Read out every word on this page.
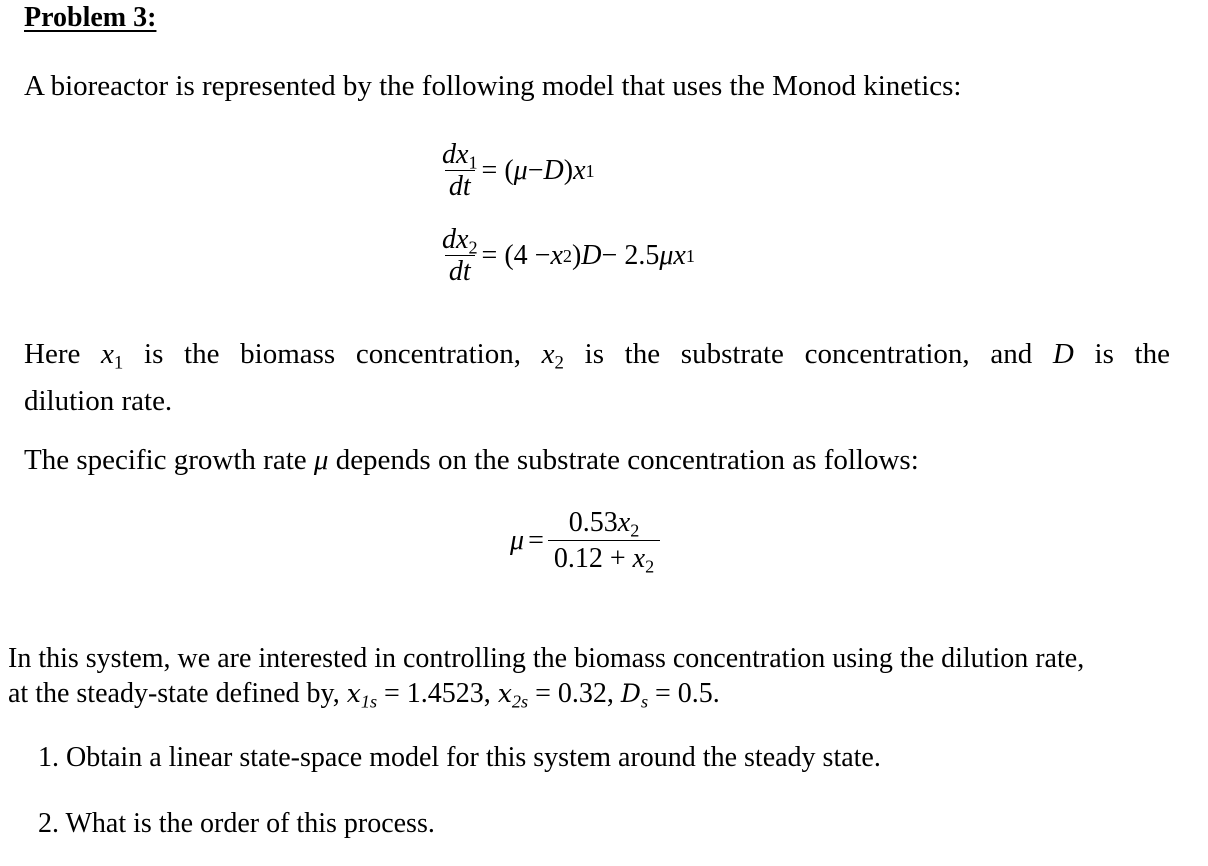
Problem 3:
A bioreactor is represented by the following model that uses the Monod kinetics:
$\frac{dx_1}{dt}$ = ( μ − D ) x 1
$\frac{dx_2}{dt} = (4 - x$ 2 ) D − 2.5 μ x 1
Here $x_1$ is the biomass concentration, $x_2$ is the substrate concentration, and D is the
dilution rate.
The specific growth rate μ depends on the substrate concentration as follows:
$\mu = \frac{0.53x_2}{0.12 + x_2}$
In this system, we are interested in controlling the biomass concentration using the dilution rate,
at the steady-state defined by, $x_{1s} = 1.4523$, $x_{2s} = 0.32$, $D_s = 0.5$.
1. Obtain a linear state-space model for this system around the steady state.
2. What is the order of this process.
